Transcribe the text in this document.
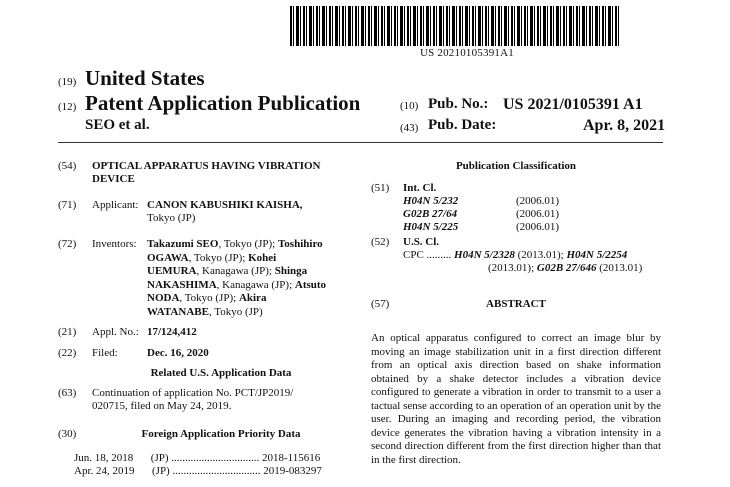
US 20210105391A1
(19) United States
(12) Patent Application Publication
SEO et al.
(10) Pub. No.: US 2021/0105391 A1
(43) Pub. Date:	Apr. 8, 2021
(54) OPTICAL APPARATUS HAVING VIBRATION
DEVICE
(71) Applicant: CANON KABUSHIKI KAISHA,
Tokyo (JP)
(72) Inventors: Takazumi SEO, Tokyo (JP); Toshihiro
OGAWA, Tokyo (JP); Kohei
UEMURA, Kanagawa (JP); Shinga
NAKASHIMA, Kanagawa (JP); Atsuto
NODA, Tokyo (JP); Akira
WATANABE, Tokyo (JP)
(21) Appl. No.: 17/124,412
(22) Filed:	Dec. 16, 2020
Related U.S. Application Data
(63) Continuation of application No. PCT/JP2019/
020715, filed on May 24, 2019.
(30)	Foreign Application Priority Data
Jun. 18, 2018 (JP) ................................ 2018-115616
Apr. 24, 2019 (JP) ................................ 2019-083297
Publication Classification
(51) Int. Cl.
H04N 5/232	(2006.01)
G02B 27/64	(2006.01)
H04N 5/225	(2006.01)
(52) U.S. Cl.
CPC ......... H04N 5/2328 (2013.01); H04N 5/2254
(2013.01); G02B 27/646 (2013.01)
(57)	ABSTRACT
An optical apparatus configured to correct an image blur by moving an image stabilization unit in a first direction different from an optical axis direction based on shake information obtained by a shake detector includes a vibration device configured to generate a vibration in order to transmit to a user a tactual sense according to an operation of an operation unit by the user. During an imaging and recording period, the vibration device generates the vibration having a vibration intensity in a second direction different from the first direction higher than that in the first direction.
